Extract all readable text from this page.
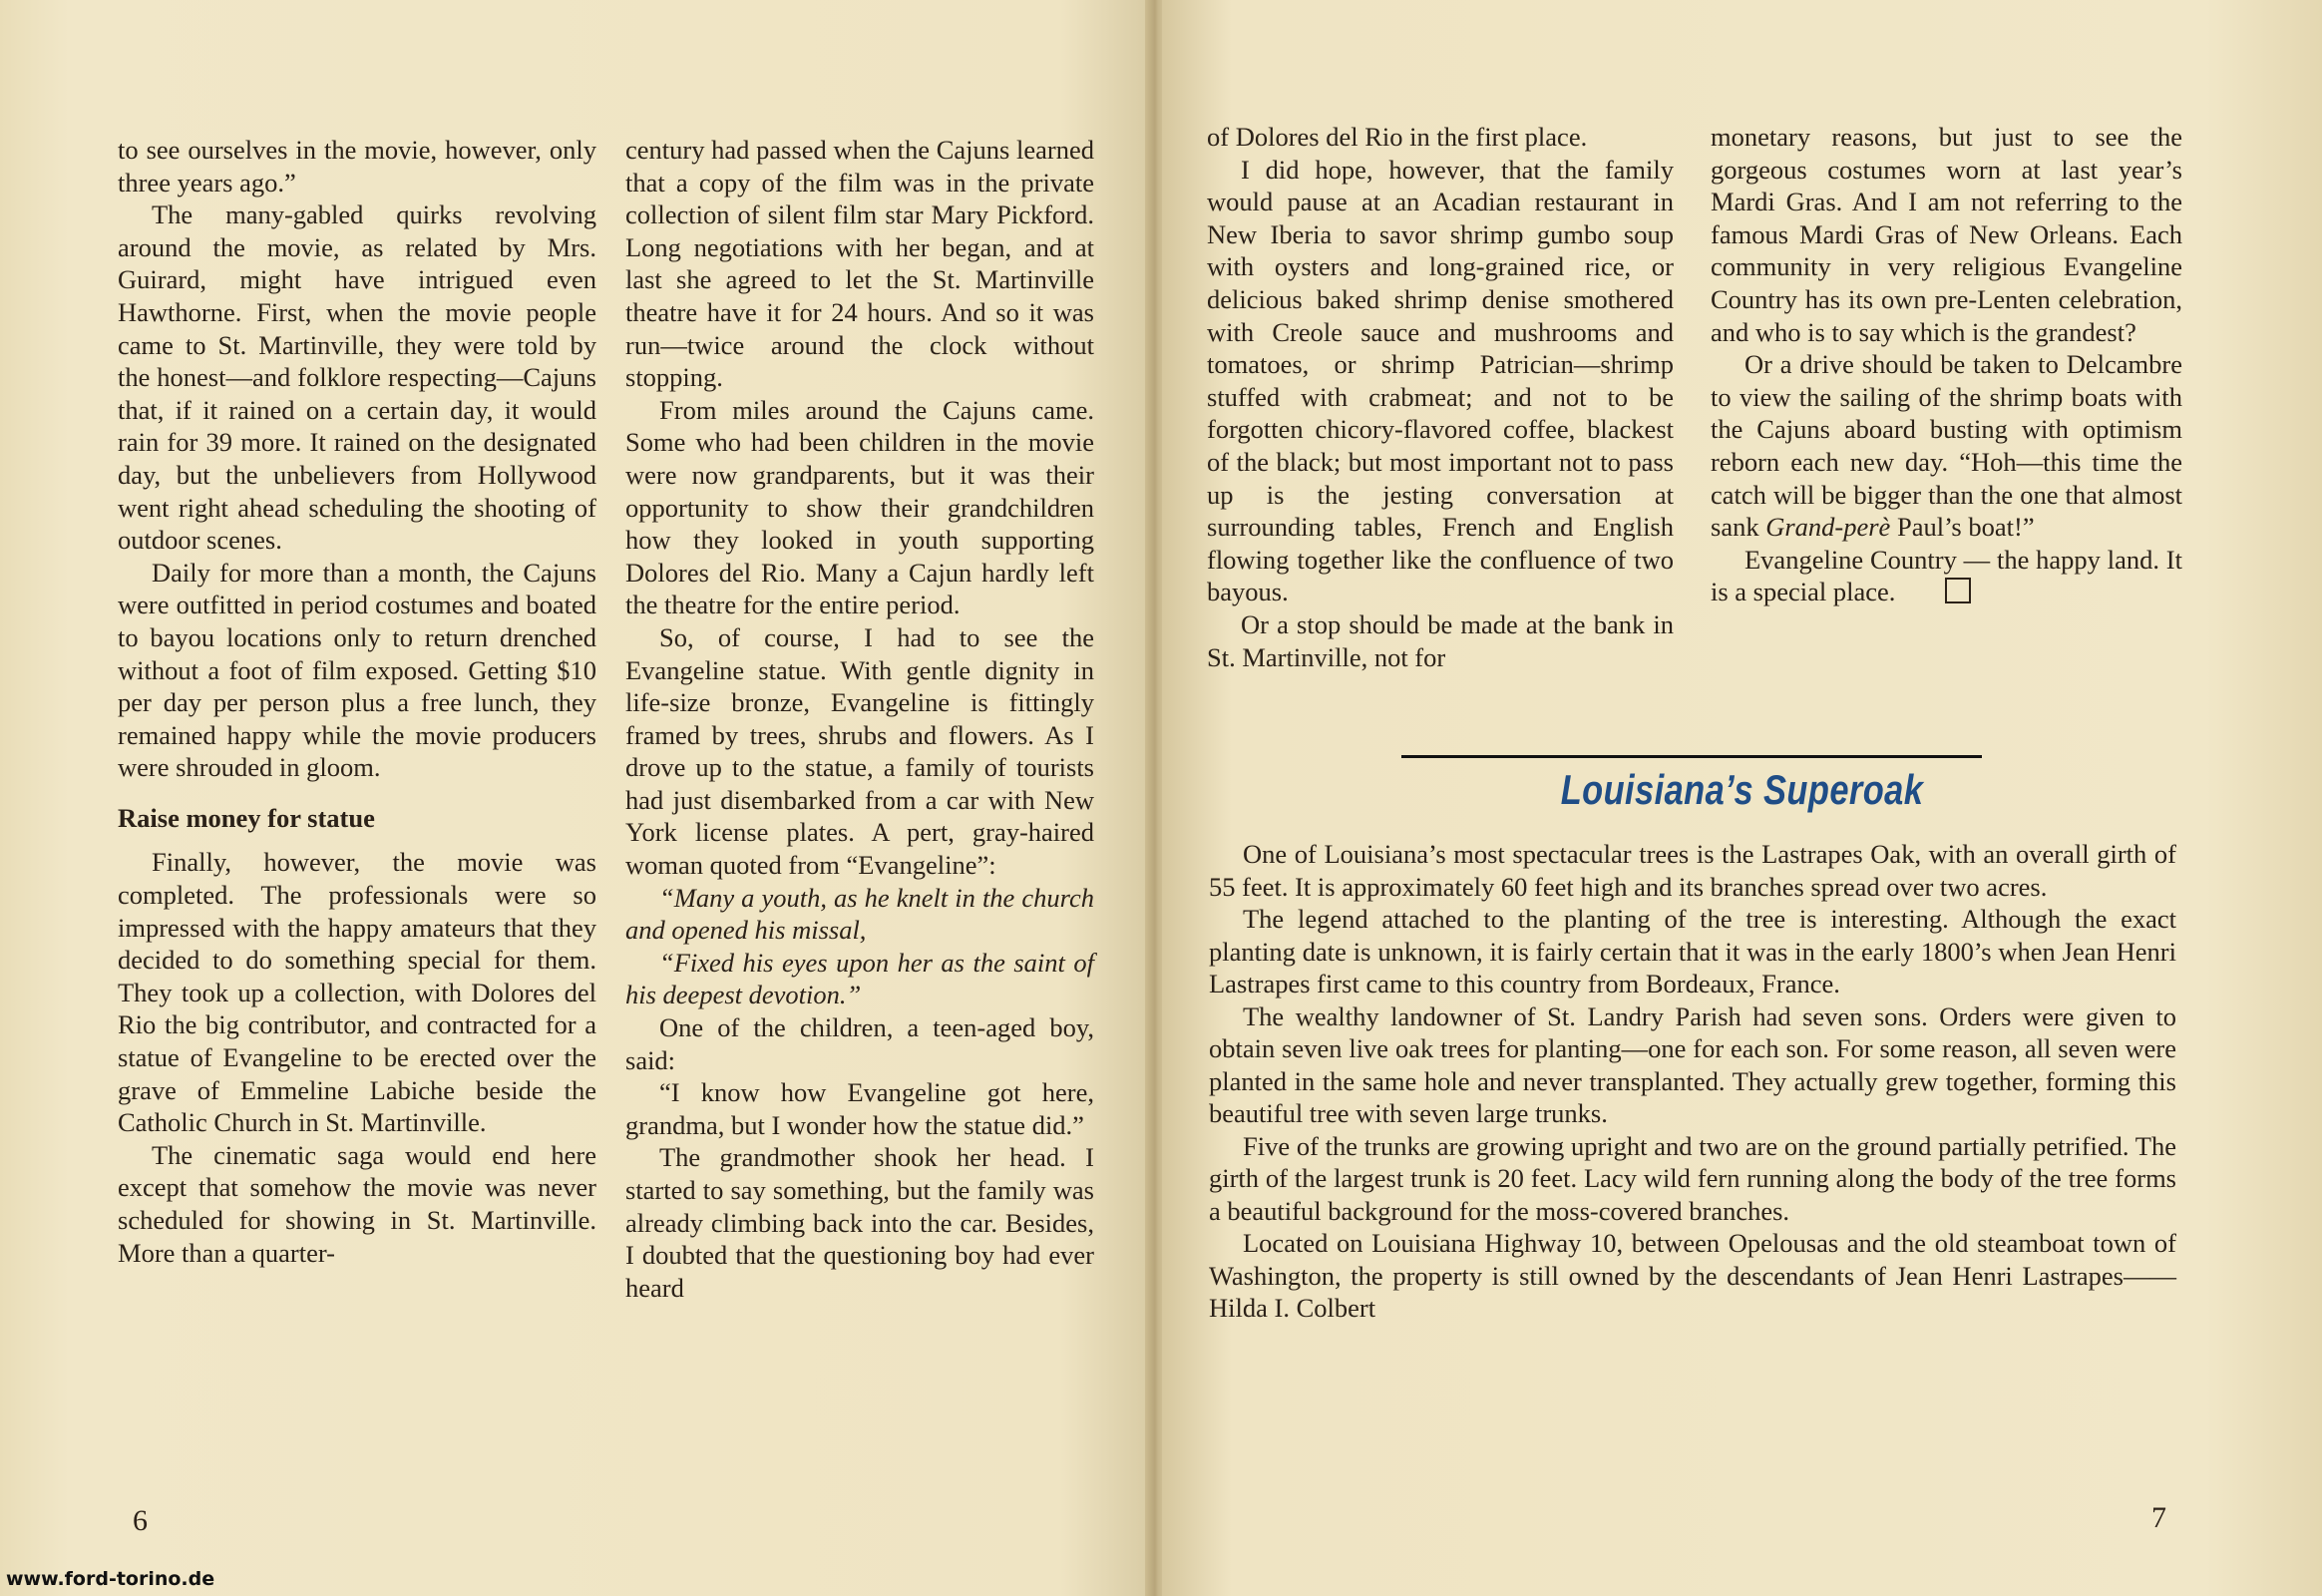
to see ourselves in the movie, however, only three years ago.”

The many-gabled quirks revolving around the movie, as related by Mrs. Guirard, might have intrigued even Hawthorne. First, when the movie people came to St. Martinville, they were told by the honest—and folklore respecting—Cajuns that, if it rained on a certain day, it would rain for 39 more. It rained on the designated day, but the unbelievers from Hollywood went right ahead scheduling the shooting of outdoor scenes.

Daily for more than a month, the Cajuns were outfitted in period costumes and boated to bayou locations only to return drenched without a foot of film exposed. Getting $10 per day per person plus a free lunch, they remained happy while the movie producers were shrouded in gloom.

Raise money for statue

Finally, however, the movie was completed. The professionals were so impressed with the happy amateurs that they decided to do something special for them. They took up a collection, with Dolores del Rio the big contributor, and contracted for a statue of Evangeline to be erected over the grave of Emmeline Labiche beside the Catholic Church in St. Martinville.

The cinematic saga would end here except that somehow the movie was never scheduled for showing in St. Martinville. More than a quarter-

century had passed when the Cajuns learned that a copy of the film was in the private collection of silent film star Mary Pickford. Long negotiations with her began, and at last she agreed to let the St. Martinville theatre have it for 24 hours. And so it was run—twice around the clock without stopping.

From miles around the Cajuns came. Some who had been children in the movie were now grandparents, but it was their opportunity to show their grandchildren how they looked in youth supporting Dolores del Rio. Many a Cajun hardly left the theatre for the entire period.

So, of course, I had to see the Evangeline statue. With gentle dignity in life-size bronze, Evangeline is fittingly framed by trees, shrubs and flowers. As I drove up to the statue, a family of tourists had just disembarked from a car with New York license plates. A pert, gray-haired woman quoted from “Evangeline”:

“Many a youth, as he knelt in the church and opened his missal,

“Fixed his eyes upon her as the saint of his deepest devotion.”

One of the children, a teen-aged boy, said:

“I know how Evangeline got here, grandma, but I wonder how the statue did.”

The grandmother shook her head. I started to say something, but the family was already climbing back into the car. Besides, I doubted that the questioning boy had ever heard

6
www.ford-torino.de

of Dolores del Rio in the first place.

I did hope, however, that the family would pause at an Acadian restaurant in New Iberia to savor shrimp gumbo soup with oysters and long-grained rice, or delicious baked shrimp denise smothered with Creole sauce and mushrooms and tomatoes, or shrimp Patrician—shrimp stuffed with crabmeat; and not to be forgotten chicory-flavored coffee, blackest of the black; but most important not to pass up is the jesting conversation at surrounding tables, French and English flowing together like the confluence of two bayous.

Or a stop should be made at the bank in St. Martinville, not for

monetary reasons, but just to see the gorgeous costumes worn at last year’s Mardi Gras. And I am not referring to the famous Mardi Gras of New Orleans. Each community in very religious Evangeline Country has its own pre-Lenten celebration, and who is to say which is the grandest?

Or a drive should be taken to Delcambre to view the sailing of the shrimp boats with the Cajuns aboard busting with optimism reborn each new day. “Hoh—this time the catch will be bigger than the one that almost sank Grand-perè Paul’s boat!”

Evangeline Country — the happy land. It is a special place.

7
Louisiana’s Superoak

One of Louisiana’s most spectacular trees is the Lastrapes Oak, with an overall girth of 55 feet. It is approximately 60 feet high and its branches spread over two acres.

The legend attached to the planting of the tree is interesting. Although the exact planting date is unknown, it is fairly certain that it was in the early 1800’s when Jean Henri Lastrapes first came to this country from Bordeaux, France.

The wealthy landowner of St. Landry Parish had seven sons. Orders were given to obtain seven live oak trees for planting—one for each son. For some reason, all seven were planted in the same hole and never transplanted. They actually grew together, forming this beautiful tree with seven large trunks.

Five of the trunks are growing upright and two are on the ground partially petrified. The girth of the largest trunk is 20 feet. Lacy wild fern running along the body of the tree forms a beautiful background for the moss-covered branches.

Located on Louisiana Highway 10, between Opelousas and the old steamboat town of Washington, the property is still owned by the descendants of Jean Henri Lastrapes——Hilda I. Colbert
